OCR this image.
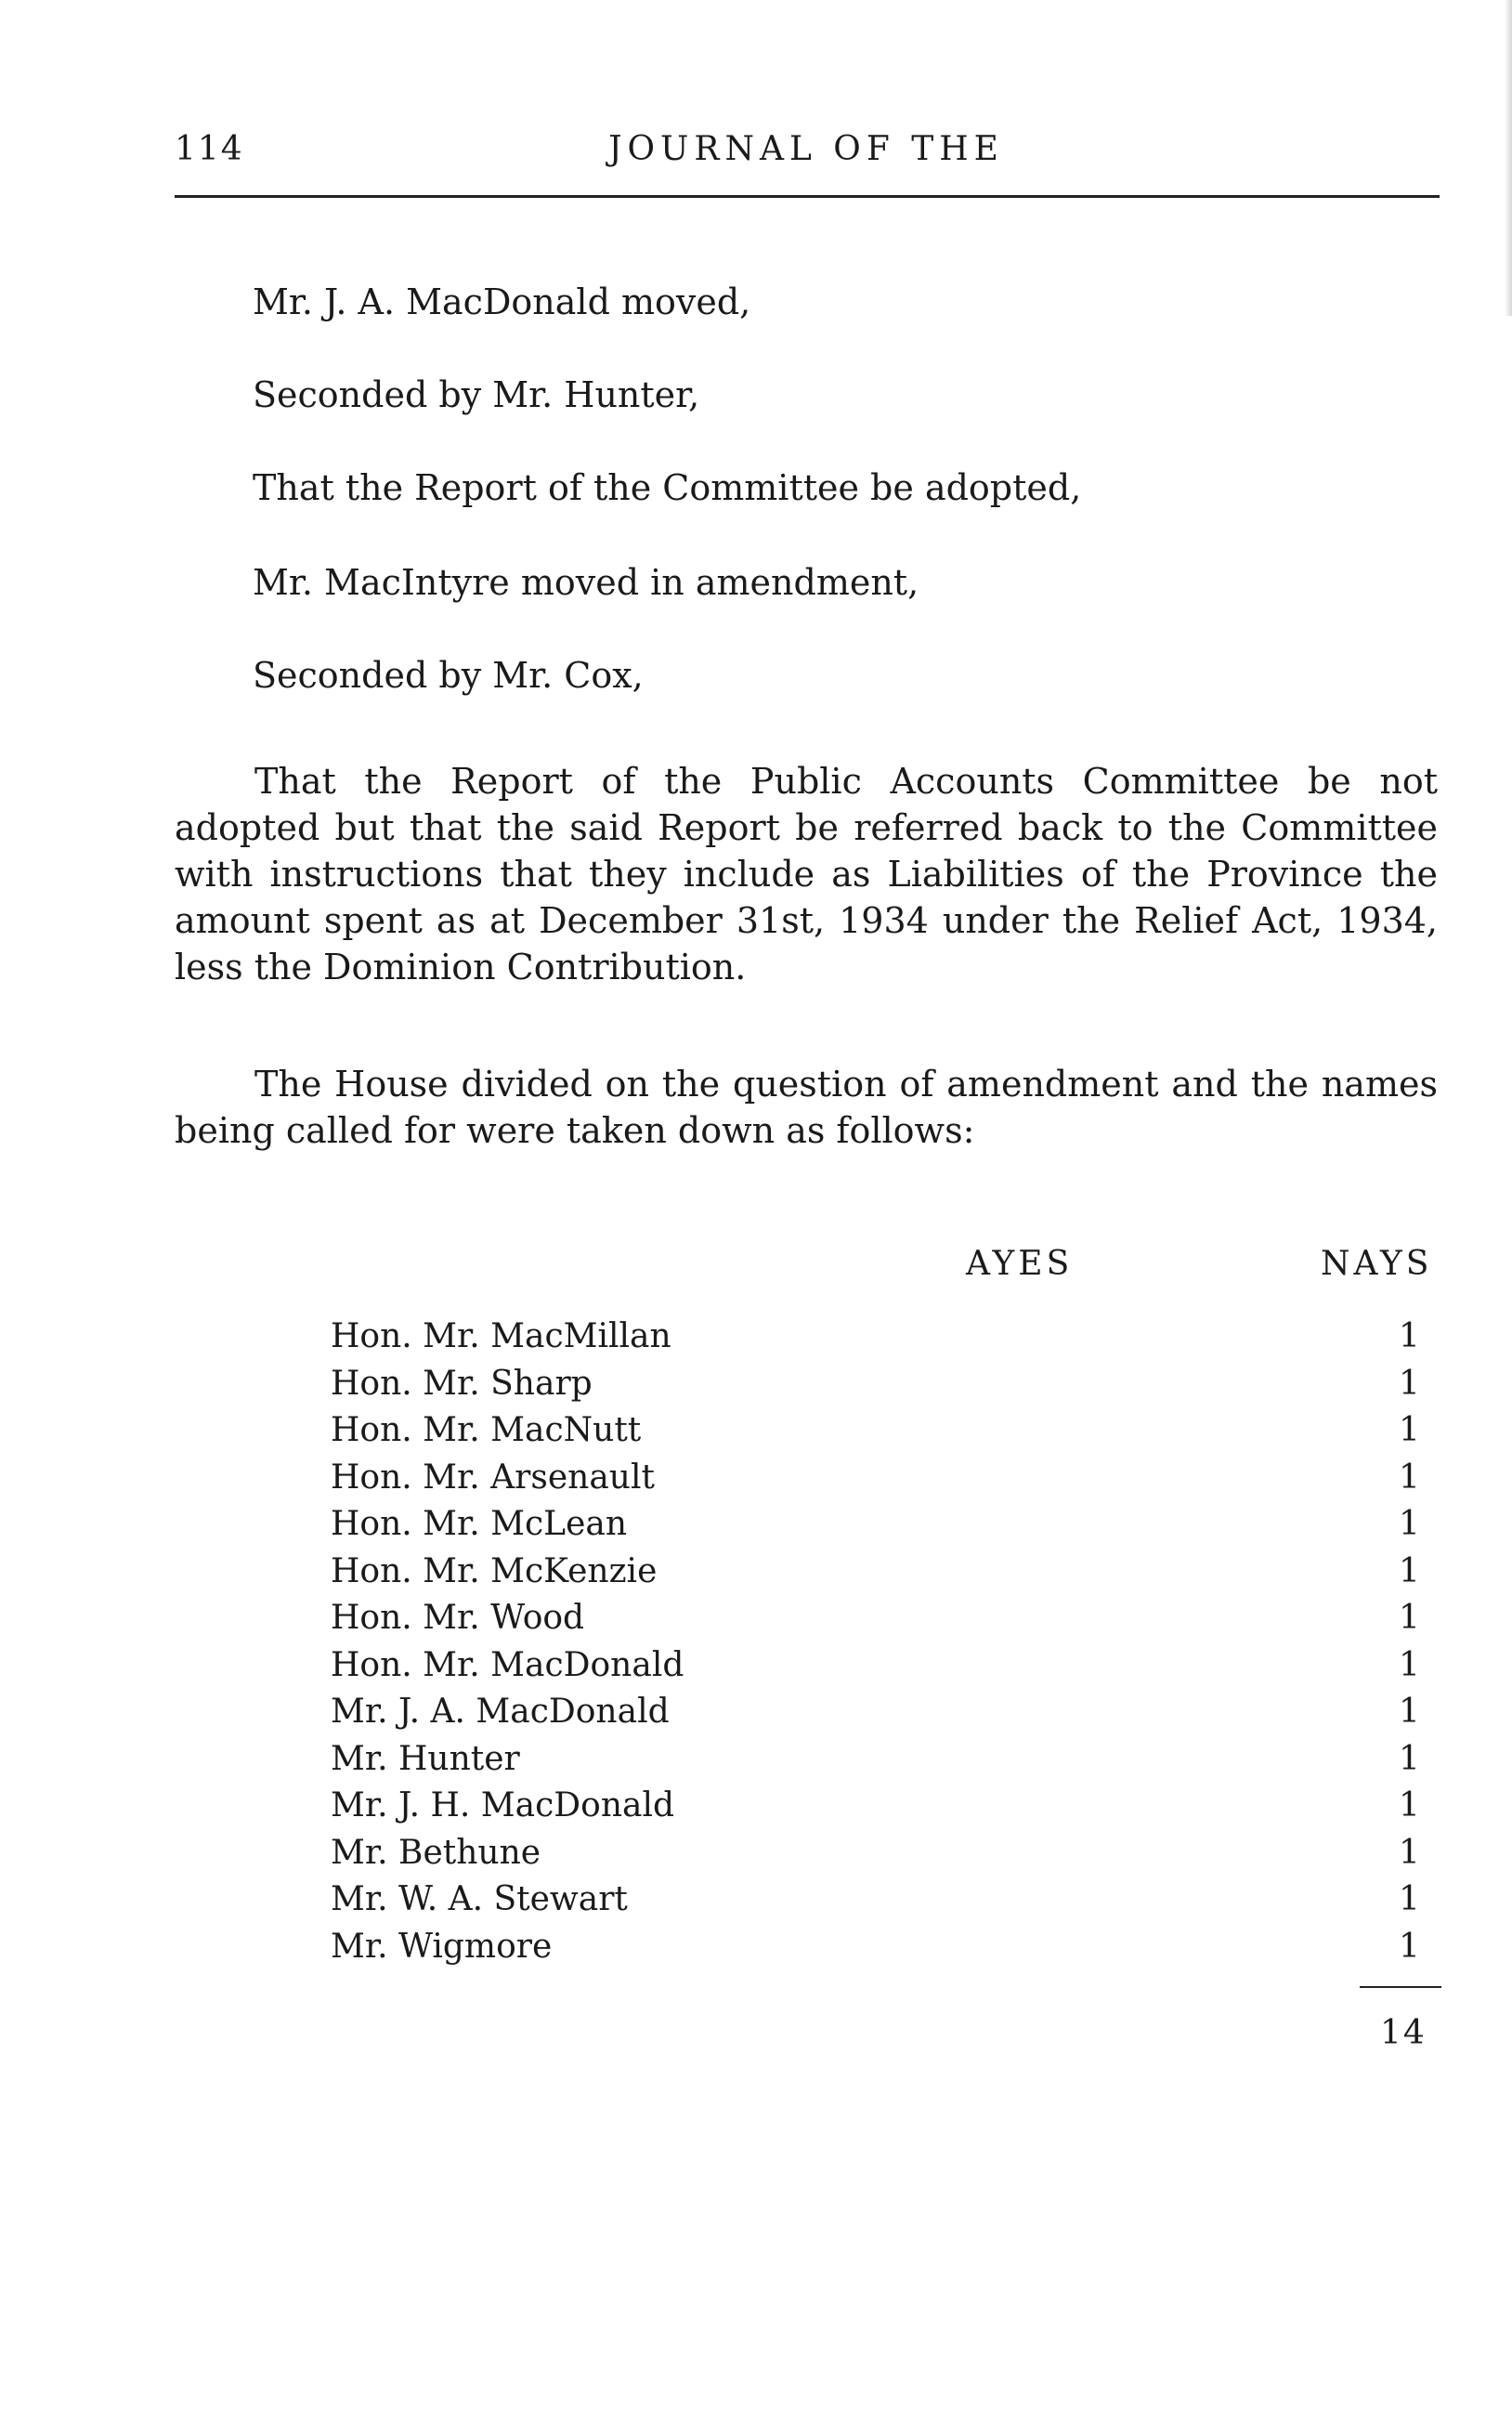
114	JOURNAL OF THE
Mr. J. A. MacDonald moved,
Seconded by Mr. Hunter,
That the Report of the Committee be adopted,
Mr. MacIntyre moved in amendment,
Seconded by Mr. Cox,

That the Report of the Public Accounts Committee be not adopted but that the said Report be referred back to the Committee with instructions that they include as Liabilities of the Province the amount spent as at December 31st, 1934 under the Relief Act, 1934, less the Dominion Contribution.

The House divided on the question of amendment and the names being called for were taken down as follows:

AYES	NAYS
Hon. Mr. MacMillan	1
Hon. Mr. Sharp	1
Hon. Mr. MacNutt	1
Hon. Mr. Arsenault	1
Hon. Mr. McLean	1
Hon. Mr. McKenzie	1
Hon. Mr. Wood	1
Hon. Mr. MacDonald	1
Mr. J. A. MacDonald	1
Mr. Hunter	1
Mr. J. H. MacDonald	1
Mr. Bethune	1
Mr. W. A. Stewart	1
Mr. Wigmore	1
14
